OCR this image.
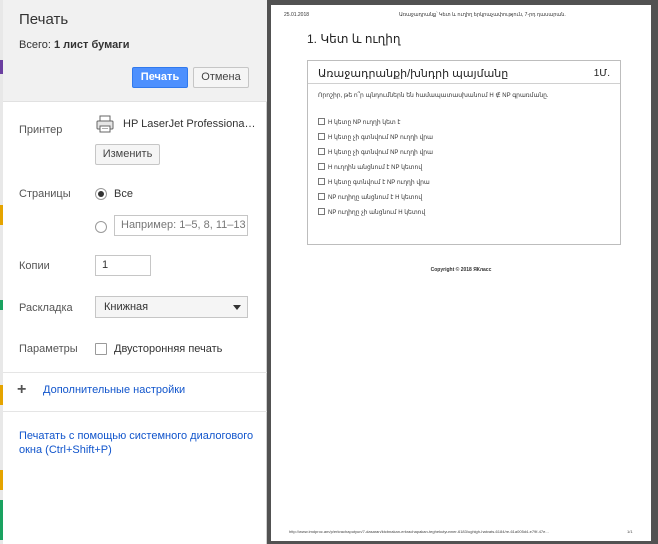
Печать
Всего: 1 лист бумаги
Печать	Отмена
Принтер	HP LaserJet Professiona…
Изменить
Страницы	Все
Например: 1–5, 8, 11–13
Копии	1
Раскладка	Книжная
Параметры	Двусторонняя печать
+ Дополнительные настройки
Печатать с помощью системного диалогового
окна (Ctrl+Shift+P)
25.01.2018	Առաջադրանք՝ Կետ և ուղիղ երկրաչափություն, 7-րդ դասարան.
1. Կետ և ուղիղ
Առաջադրանքի/խնդրի պայմանը	1Մ.
Որոշիր, թե ո՞ր պնդումներն են համապատասխանում H ∉ NP գրառմանը.
H կետը NP ուղղի կետ է
H կետը չի գտնվում NP ուղղի վրա
H կետը չի գտնվում NP ուղղի վրա
H ուղղին անցնում է NP կետով
H կետը գտնվում է NP ուղղի վրա
NP ուղիղը անցնում է H կետով
NP ուղիղը չի անցնում H կետով
Copyright © 2018 ЯКласс
http://www.imdproc.am/p/erkrachaputyun/7-dasaran/ktcbnakan-erkrachapakan-teghekutyunner-6183/ughigh-hatvats-6184/re-61a005d4-e79f-47e...	1/1
